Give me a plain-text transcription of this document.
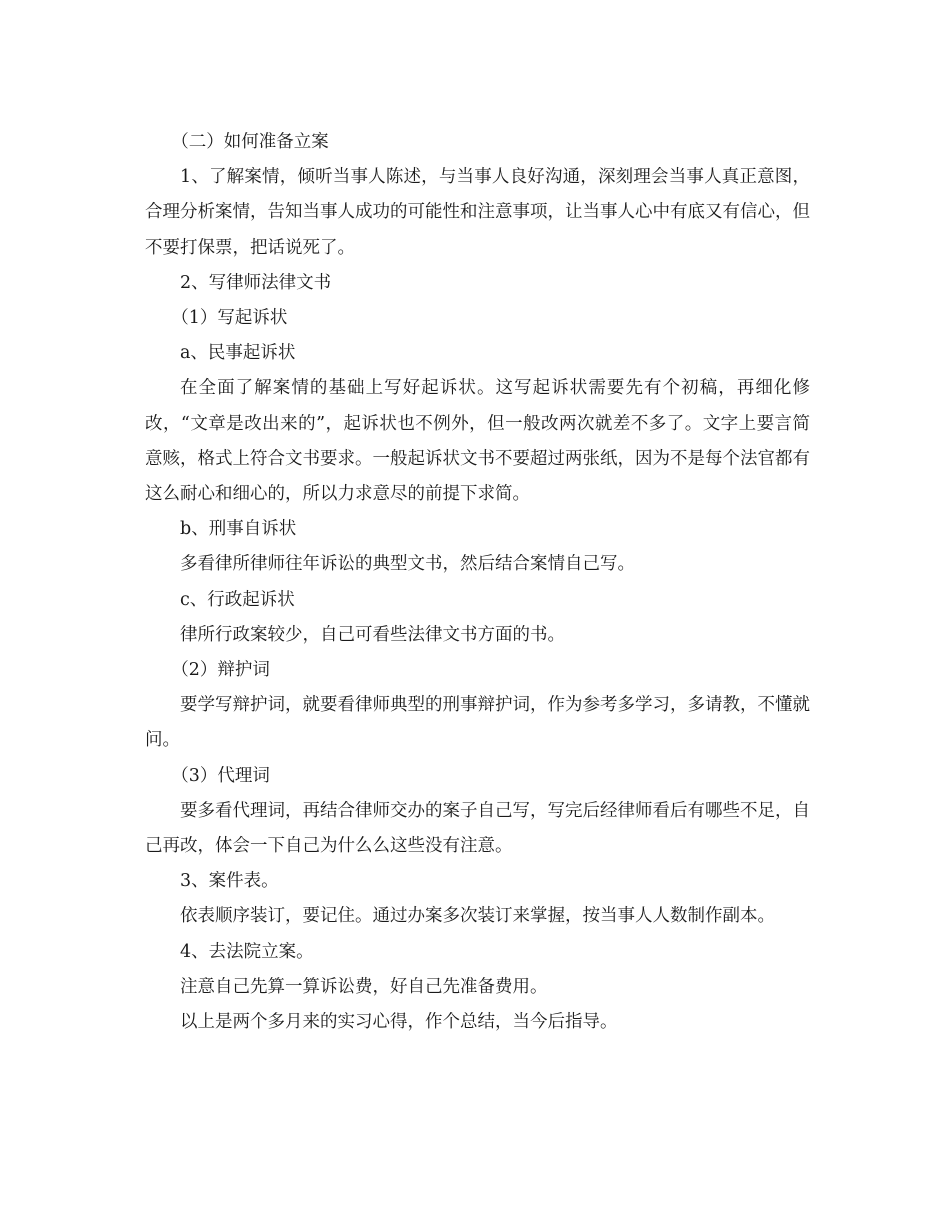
（二）如何准备立案

1、了解案情，倾听当事人陈述，与当事人良好沟通，深刻理会当事人真正意图，合理分析案情，告知当事人成功的可能性和注意事项，让当事人心中有底又有信心，但不要打保票，把话说死了。

2、写律师法律文书

（1）写起诉状

a、民事起诉状

在全面了解案情的基础上写好起诉状。这写起诉状需要先有个初稿，再细化修改，“文章是改出来的”，起诉状也不例外，但一般改两次就差不多了。文字上要言简意赅，格式上符合文书要求。一般起诉状文书不要超过两张纸，因为不是每个法官都有这么耐心和细心的，所以力求意尽的前提下求简。

b、刑事自诉状

多看律所律师往年诉讼的典型文书，然后结合案情自己写。

c、行政起诉状

律所行政案较少，自己可看些法律文书方面的书。

（2）辩护词

要学写辩护词，就要看律师典型的刑事辩护词，作为参考多学习，多请教，不懂就问。

（3）代理词

要多看代理词，再结合律师交办的案子自己写，写完后经律师看后有哪些不足，自己再改，体会一下自己为什么么这些没有注意。

3、案件表。

依表顺序装订，要记住。通过办案多次装订来掌握，按当事人人数制作副本。

4、去法院立案。

注意自己先算一算诉讼费，好自己先准备费用。

以上是两个多月来的实习心得，作个总结，当今后指导。
